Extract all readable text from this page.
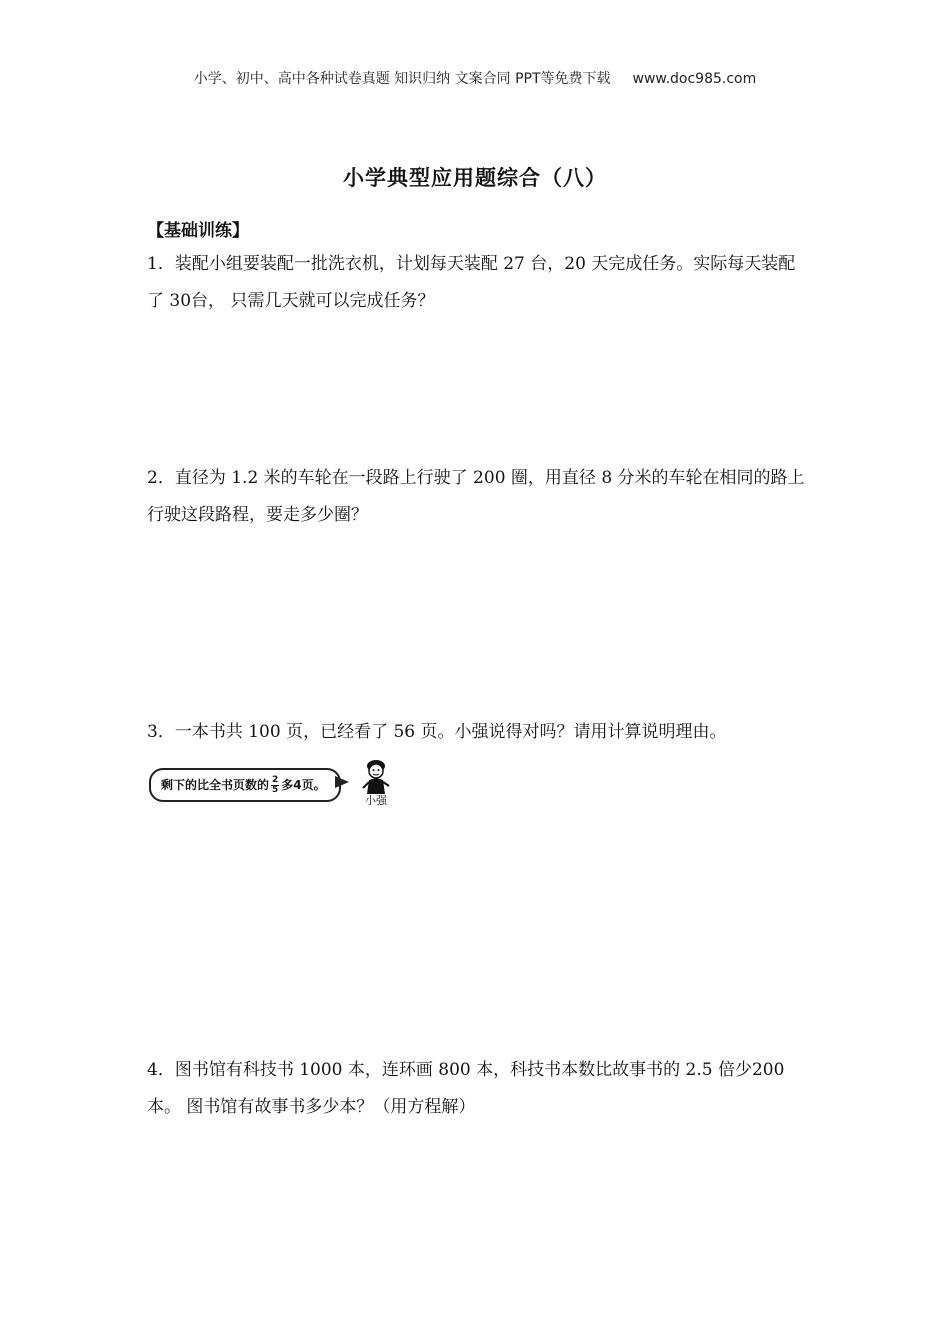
小学、初中、高中各种试卷真题 知识归纳 文案合同 PPT等免费下载 www.doc985.com
小学典型应用题综合（八）
【基础训练】
1．装配小组要装配一批洗衣机，计划每天装配 27 台，20 天完成任务。实际每天装配了 30台， 只需几天就可以完成任务？
2．直径为 1.2 米的车轮在一段路上行驶了 200 圈，用直径 8 分米的车轮在相同的路上行驶这段路程，要走多少圈？
3．一本书共 100 页，已经看了 56 页。小强说得对吗？请用计算说明理由。
剩下的比全书页数的 $\frac{2}{5}$ 多4页。
小强
4．图书馆有科技书 1000 本，连环画 800 本，科技书本数比故事书的 2.5 倍少200 本。 图书馆有故事书多少本？（用方程解）
